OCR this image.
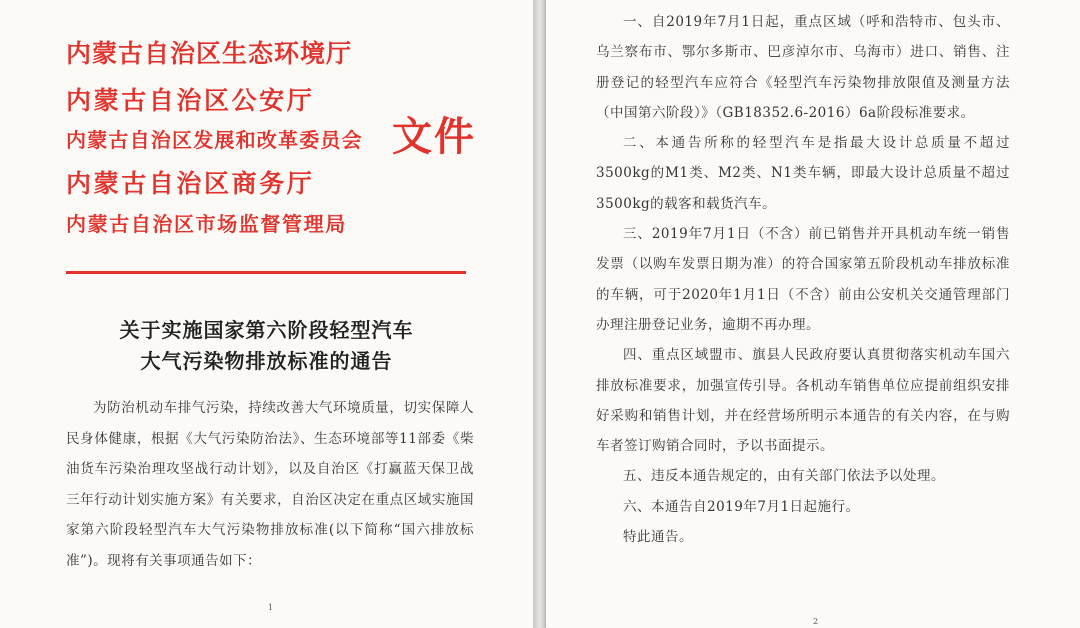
内蒙古自治区生态环境厅
内蒙古自治区公安厅
内蒙古自治区发展和改革委员会
内蒙古自治区商务厅
内蒙古自治区市场监督管理局
文件
关于实施国家第六阶段轻型汽车
大气污染物排放标准的通告

为防治机动车排气污染，持续改善大气环境质量，切实保障人民身体健康，根据《大气污染防治法》、生态环境部等11部委《柴油货车污染治理攻坚战行动计划》，以及自治区《打赢蓝天保卫战三年行动计划实施方案》有关要求，自治区决定在重点区域实施国家第六阶段轻型汽车大气污染物排放标准(以下简称“国六排放标准”)。现将有关事项通告如下：

1
2

一、自2019年7月1日起，重点区域（呼和浩特市、包头市、乌兰察布市、鄂尔多斯市、巴彦淖尔市、乌海市）进口、销售、注册登记的轻型汽车应符合《轻型汽车污染物排放限值及测量方法（中国第六阶段）》（GB18352.6-2016）6a阶段标准要求。

二、本通告所称的轻型汽车是指最大设计总质量不超过3500kg的M1类、M2类、N1类车辆，即最大设计总质量不超过3500kg的载客和载货汽车。

三、2019年7月1日（不含）前已销售并开具机动车统一销售发票（以购车发票日期为准）的符合国家第五阶段机动车排放标准的车辆，可于2020年1月1日（不含）前由公安机关交通管理部门办理注册登记业务，逾期不再办理。

四、重点区域盟市、旗县人民政府要认真贯彻落实机动车国六排放标准要求，加强宣传引导。各机动车销售单位应提前组织安排好采购和销售计划，并在经营场所明示本通告的有关内容，在与购车者签订购销合同时，予以书面提示。

五、违反本通告规定的，由有关部门依法予以处理。

六、本通告自2019年7月1日起施行。

特此通告。
